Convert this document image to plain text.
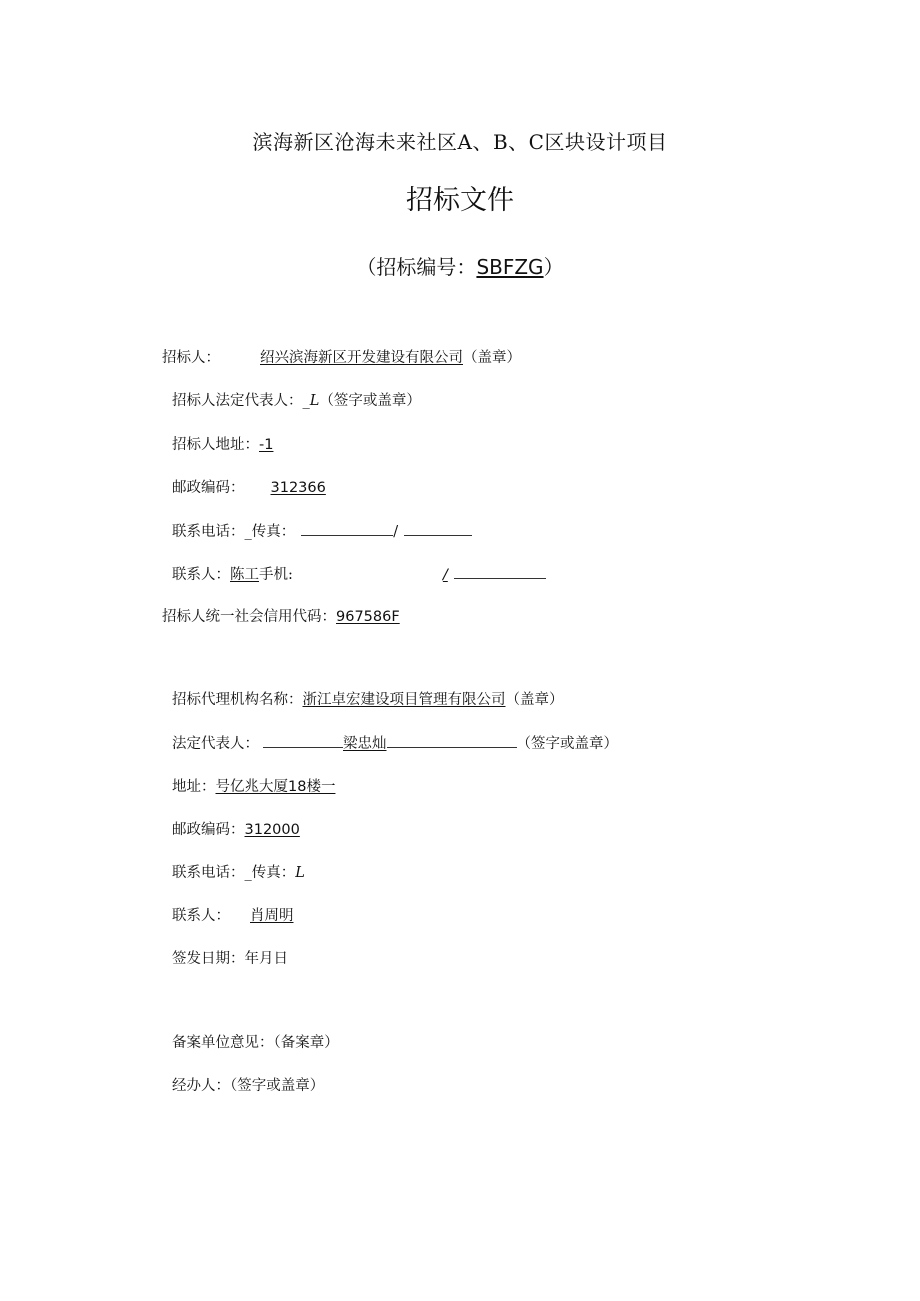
滨海新区沧海未来社区A、B、C区块设计项目
招标文件
（招标编号：SBFZG）
招标人：	绍兴滨海新区开发建设有限公司（盖章）
招标人法定代表人：_L（签字或盖章）
招标人地址：-1
邮政编码： 312366
联系电话：_传真：	/
联系人：陈工手机:	/
招标人统一社会信用代码：967586F
招标代理机构名称：浙江卓宏建设项目管理有限公司（盖章）
法定代表人：	梁忠灿	（签字或盖章）
地址：号亿兆大厦18楼一
邮政编码：312000
联系电话：_传真：L
联系人： 肖周明
签发日期：年月日
备案单位意见：（备案章）
经办人：（签字或盖章）
